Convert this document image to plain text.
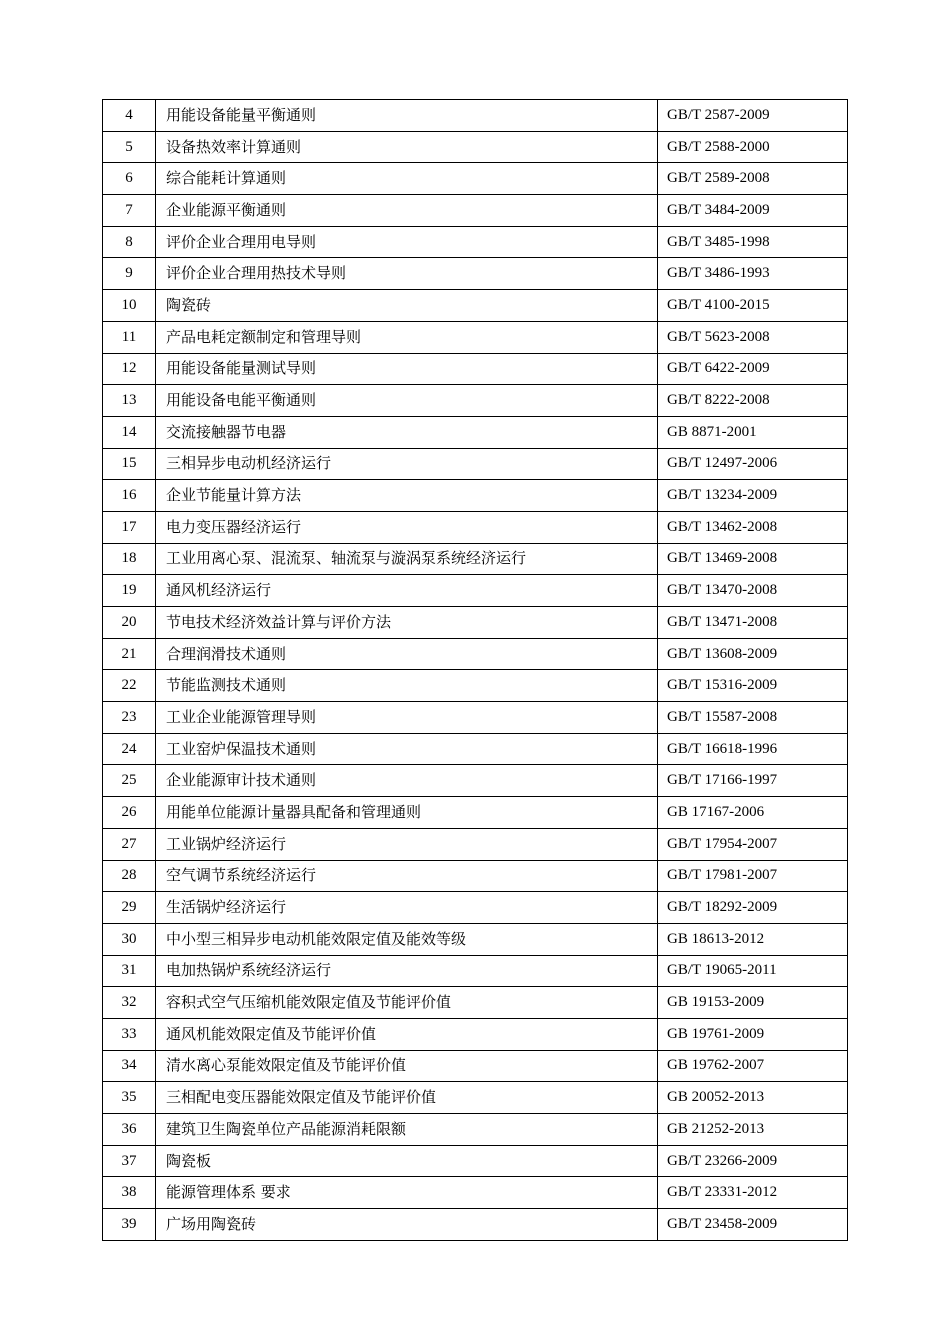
4	用能设备能量平衡通则	GB/T 2587-2009
5	设备热效率计算通则	GB/T 2588-2000
6	综合能耗计算通则	GB/T 2589-2008
7	企业能源平衡通则	GB/T 3484-2009
8	评价企业合理用电导则	GB/T 3485-1998
9	评价企业合理用热技术导则	GB/T 3486-1993
10	陶瓷砖	GB/T 4100-2015
11	产品电耗定额制定和管理导则	GB/T 5623-2008
12	用能设备能量测试导则	GB/T 6422-2009
13	用能设备电能平衡通则	GB/T 8222-2008
14	交流接触器节电器	GB 8871-2001
15	三相异步电动机经济运行	GB/T 12497-2006
16	企业节能量计算方法	GB/T 13234-2009
17	电力变压器经济运行	GB/T 13462-2008
18	工业用离心泵、混流泵、轴流泵与漩涡泵系统经济运行	GB/T 13469-2008
19	通风机经济运行	GB/T 13470-2008
20	节电技术经济效益计算与评价方法	GB/T 13471-2008
21	合理润滑技术通则	GB/T 13608-2009
22	节能监测技术通则	GB/T 15316-2009
23	工业企业能源管理导则	GB/T 15587-2008
24	工业窑炉保温技术通则	GB/T 16618-1996
25	企业能源审计技术通则	GB/T 17166-1997
26	用能单位能源计量器具配备和管理通则	GB 17167-2006
27	工业锅炉经济运行	GB/T 17954-2007
28	空气调节系统经济运行	GB/T 17981-2007
29	生活锅炉经济运行	GB/T 18292-2009
30	中小型三相异步电动机能效限定值及能效等级	GB 18613-2012
31	电加热锅炉系统经济运行	GB/T 19065-2011
32	容积式空气压缩机能效限定值及节能评价值	GB 19153-2009
33	通风机能效限定值及节能评价值	GB 19761-2009
34	清水离心泵能效限定值及节能评价值	GB 19762-2007
35	三相配电变压器能效限定值及节能评价值	GB 20052-2013
36	建筑卫生陶瓷单位产品能源消耗限额	GB 21252-2013
37	陶瓷板	GB/T 23266-2009
38	能源管理体系 要求	GB/T 23331-2012
39	广场用陶瓷砖	GB/T 23458-2009
